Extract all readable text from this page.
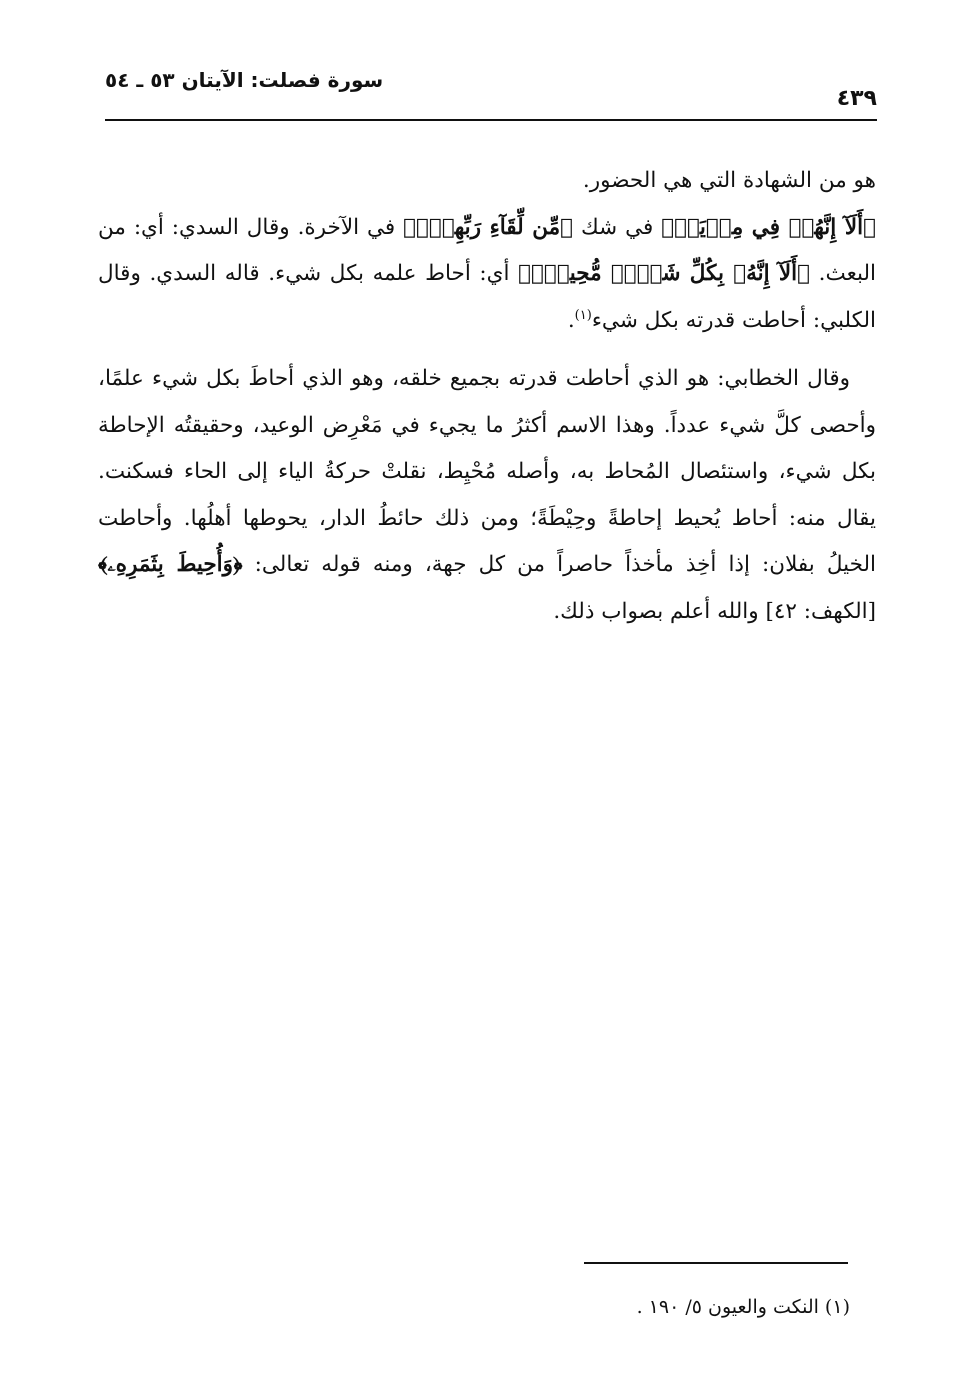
٤٣٩
سورة فصلت: الآيتان ٥٣ ـ ٥٤

هو من الشهادة التي هي الحضور.

﴿أَلَآ إِنَّهُمۡ فِي مِرۡيَةٖ﴾ في شك ﴿مِّن لِّقَآءِ رَبِّهِمۡۗ﴾ في الآخرة. وقال السدي: أي: من البعث. ﴿أَلَآ إِنَّهُۥ بِكُلِّ شَيۡءٖ مُّحِيطُۢ﴾ أي: أحاط علمه بكل شيء. قاله السدي. وقال الكلبي: أحاطت قدرته بكل شيء$^{(١)}$.

وقال الخطابي: هو الذي أحاطت قدرته بجميع خلقه، وهو الذي أحاطَ بكل شيء علمًا، وأحصى كلَّ شيء عدداً. وهذا الاسم أكثرُ ما يجيء في مَعْرِض الوعيد، وحقيقتُه الإحاطة بكل شيء، واستئصال المُحاط به، وأصله مُحْيِط، نقلتْ حركةُ الياء إلى الحاء فسكنت. يقال منه: أحاط يُحيط إحاطةً وحِيْطَةً؛ ومن ذلك حائطُ الدار، يحوطها أهلُها. وأحاطت الخيلُ بفلان: إذا أخِذ مأخذاً حاصراً من كل جهة، ومنه قوله تعالى: ﴿وَأُحِيطَ بِثَمَرِهِۦ﴾ [الكهف: ٤٢] والله أعلم بصواب ذلك.

(١) النكت والعيون ٥/ ١٩٠ .
